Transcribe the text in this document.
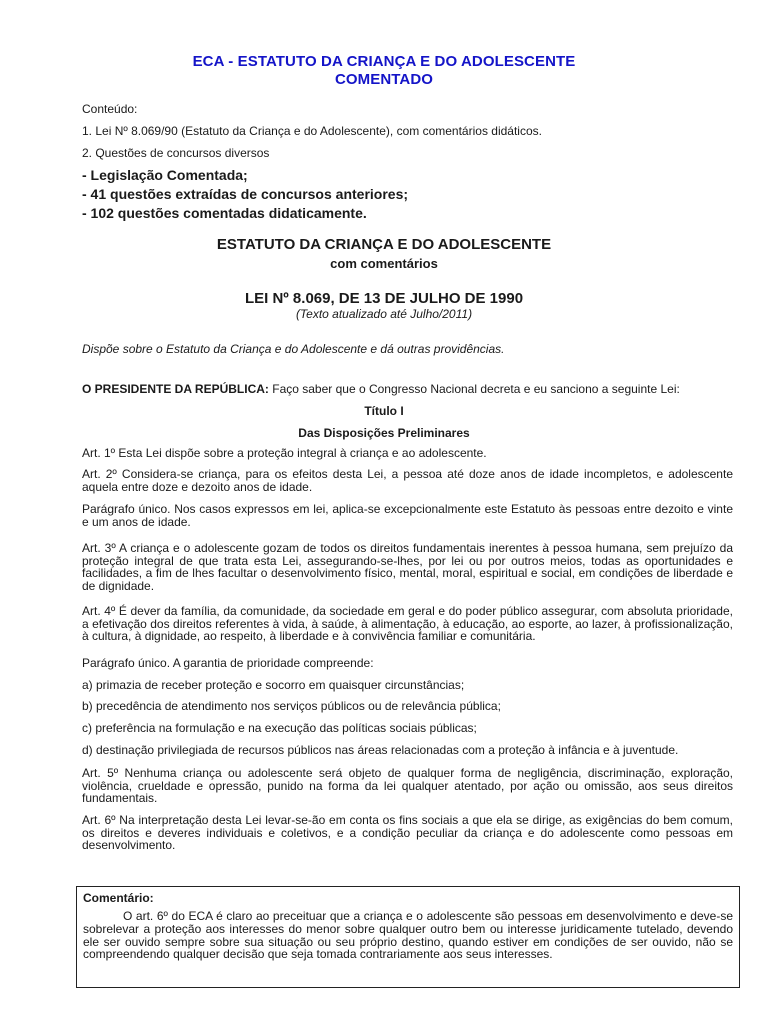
ECA - ESTATUTO DA CRIANÇA E DO ADOLESCENTE
COMENTADO
Conteúdo:
1. Lei Nº 8.069/90 (Estatuto da Criança e do Adolescente), com comentários didáticos.
2. Questões de concursos diversos
- Legislação Comentada;
- 41 questões extraídas de concursos anteriores;
- 102 questões comentadas didaticamente.
ESTATUTO DA CRIANÇA E DO ADOLESCENTE
com comentários
LEI Nº 8.069, DE 13 DE JULHO DE 1990
(Texto atualizado até Julho/2011)
Dispõe sobre o Estatuto da Criança e do Adolescente e dá outras providências.
O PRESIDENTE DA REPÚBLICA: Faço saber que o Congresso Nacional decreta e eu sanciono a seguinte Lei:
Título I
Das Disposições Preliminares
Art. 1º Esta Lei dispõe sobre a proteção integral à criança e ao adolescente.
Art. 2º Considera-se criança, para os efeitos desta Lei, a pessoa até doze anos de idade incompletos, e adolescente aquela entre doze e dezoito anos de idade.
Parágrafo único. Nos casos expressos em lei, aplica-se excepcionalmente este Estatuto às pessoas entre dezoito e vinte e um anos de idade.
Art. 3º A criança e o adolescente gozam de todos os direitos fundamentais inerentes à pessoa humana, sem prejuízo da proteção integral de que trata esta Lei, assegurando-se-lhes, por lei ou por outros meios, todas as oportunidades e facilidades, a fim de lhes facultar o desenvolvimento físico, mental, moral, espiritual e social, em condições de liberdade e de dignidade.
Art. 4º É dever da família, da comunidade, da sociedade em geral e do poder público assegurar, com absoluta prioridade, a efetivação dos direitos referentes à vida, à saúde, à alimentação, à educação, ao esporte, ao lazer, à profissionalização, à cultura, à dignidade, ao respeito, à liberdade e à convivência familiar e comunitária.
Parágrafo único. A garantia de prioridade compreende:
a) primazia de receber proteção e socorro em quaisquer circunstâncias;
b) precedência de atendimento nos serviços públicos ou de relevância pública;
c) preferência na formulação e na execução das políticas sociais públicas;
d) destinação privilegiada de recursos públicos nas áreas relacionadas com a proteção à infância e à juventude.
Art. 5º Nenhuma criança ou adolescente será objeto de qualquer forma de negligência, discriminação, exploração, violência, crueldade e opressão, punido na forma da lei qualquer atentado, por ação ou omissão, aos seus direitos fundamentais.
Art. 6º Na interpretação desta Lei levar-se-ão em conta os fins sociais a que ela se dirige, as exigências do bem comum, os direitos e deveres individuais e coletivos, e a condição peculiar da criança e do adolescente como pessoas em desenvolvimento.
Comentário:
O art. 6º do ECA é claro ao preceituar que a criança e o adolescente são pessoas em desenvolvimento e deve-se sobrelevar a proteção aos interesses do menor sobre qualquer outro bem ou interesse juridicamente tutelado, devendo ele ser ouvido sempre sobre sua situação ou seu próprio destino, quando estiver em condições de ser ouvido, não se compreendendo qualquer decisão que seja tomada contrariamente aos seus interesses.
